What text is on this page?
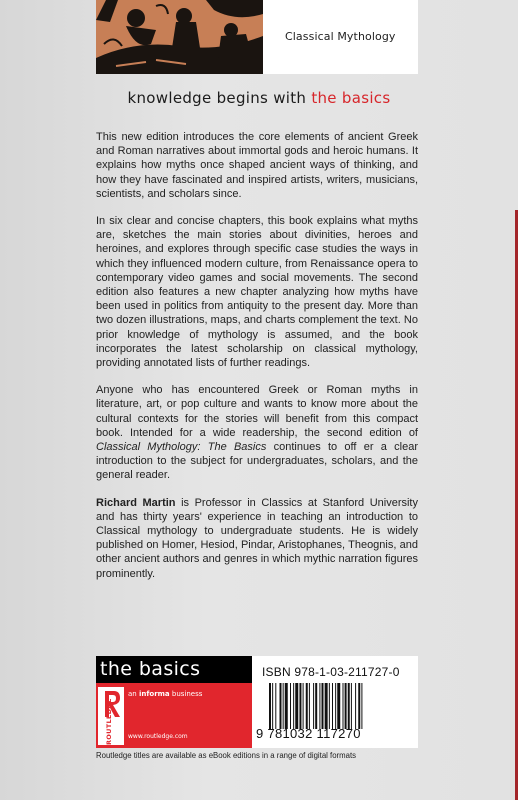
Classical Mythology
knowledge begins with the basics

This new edition introduces the core elements of ancient Greek and Roman narratives about immortal gods and heroic humans. It explains how myths once shaped ancient ways of thinking, and how they have fascinated and inspired artists, writers, musicians, scientists, and scholars since.

In six clear and concise chapters, this book explains what myths are, sketches the main stories about divinities, heroes and heroines, and explores through specific case studies the ways in which they influenced modern culture, from Renaissance opera to contemporary video games and social movements. The second edition also features a new chapter analyzing how myths have been used in politics from antiquity to the present day. More than two dozen illustrations, maps, and charts complement the text. No prior knowledge of mythology is assumed, and the book incorporates the latest scholarship on classical mythology, providing annotated lists of further readings.

Anyone who has encountered Greek or Roman myths in literature, art, or pop culture and wants to know more about the cultural contexts for the stories will benefit from this compact book. Intended for a wide readership, the second edition of Classical Mythology: The Basics continues to off er a clear introduction to the subject for undergraduates, scholars, and the general reader.

Richard Martin is Professor in Classics at Stanford University and has thirty years' experience in teaching an introduction to Classical mythology to undergraduate students. He is widely published on Homer, Hesiod, Pindar, Aristophanes, Theognis, and other ancient authors and genres in which mythic narration figures prominently.

the basics
ROUTLEDGE
an informa business
www.routledge.com
ISBN 978-1-03-211727-0
9 781032 117270
Routledge titles are available as eBook editions in a range of digital formats
